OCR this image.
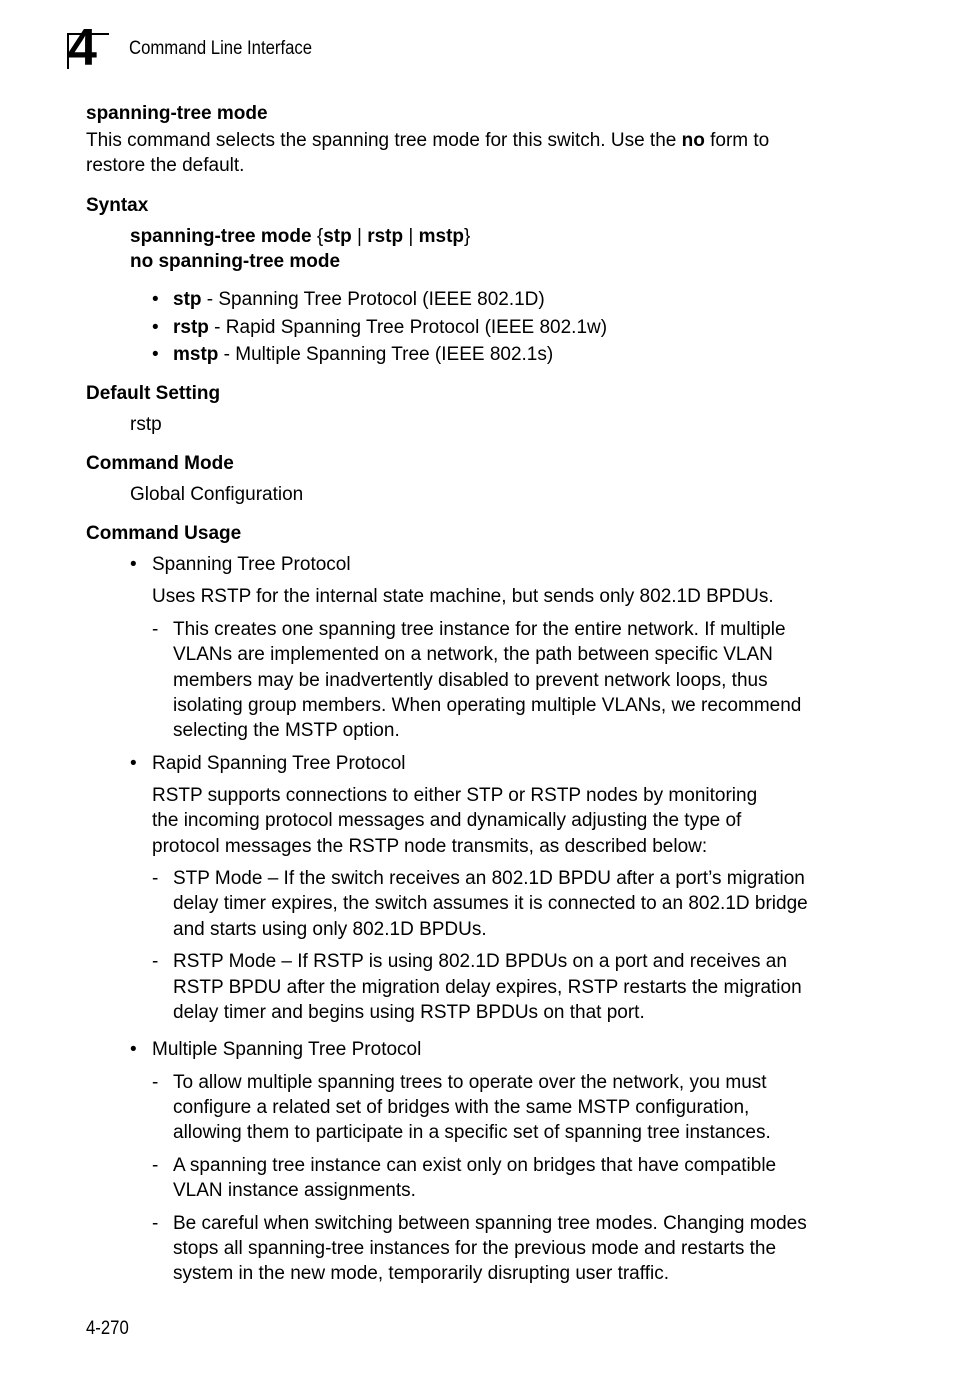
4 Command Line Interface
spanning-tree mode
This command selects the spanning tree mode for this switch. Use the no form to
restore the default.
Syntax
spanning-tree mode {stp | rstp | mstp}
no spanning-tree mode
• stp - Spanning Tree Protocol (IEEE 802.1D)
• rstp - Rapid Spanning Tree Protocol (IEEE 802.1w)
• mstp - Multiple Spanning Tree (IEEE 802.1s)
Default Setting
rstp
Command Mode
Global Configuration
Command Usage
• Spanning Tree Protocol
Uses RSTP for the internal state machine, but sends only 802.1D BPDUs.
- This creates one spanning tree instance for the entire network. If multiple
VLANs are implemented on a network, the path between specific VLAN
members may be inadvertently disabled to prevent network loops, thus
isolating group members. When operating multiple VLANs, we recommend
selecting the MSTP option.
• Rapid Spanning Tree Protocol
RSTP supports connections to either STP or RSTP nodes by monitoring
the incoming protocol messages and dynamically adjusting the type of
protocol messages the RSTP node transmits, as described below:
- STP Mode – If the switch receives an 802.1D BPDU after a port’s migration
delay timer expires, the switch assumes it is connected to an 802.1D bridge
and starts using only 802.1D BPDUs.
- RSTP Mode – If RSTP is using 802.1D BPDUs on a port and receives an
RSTP BPDU after the migration delay expires, RSTP restarts the migration
delay timer and begins using RSTP BPDUs on that port.
• Multiple Spanning Tree Protocol
- To allow multiple spanning trees to operate over the network, you must
configure a related set of bridges with the same MSTP configuration,
allowing them to participate in a specific set of spanning tree instances.
- A spanning tree instance can exist only on bridges that have compatible
VLAN instance assignments.
- Be careful when switching between spanning tree modes. Changing modes
stops all spanning-tree instances for the previous mode and restarts the
system in the new mode, temporarily disrupting user traffic.
4-270
